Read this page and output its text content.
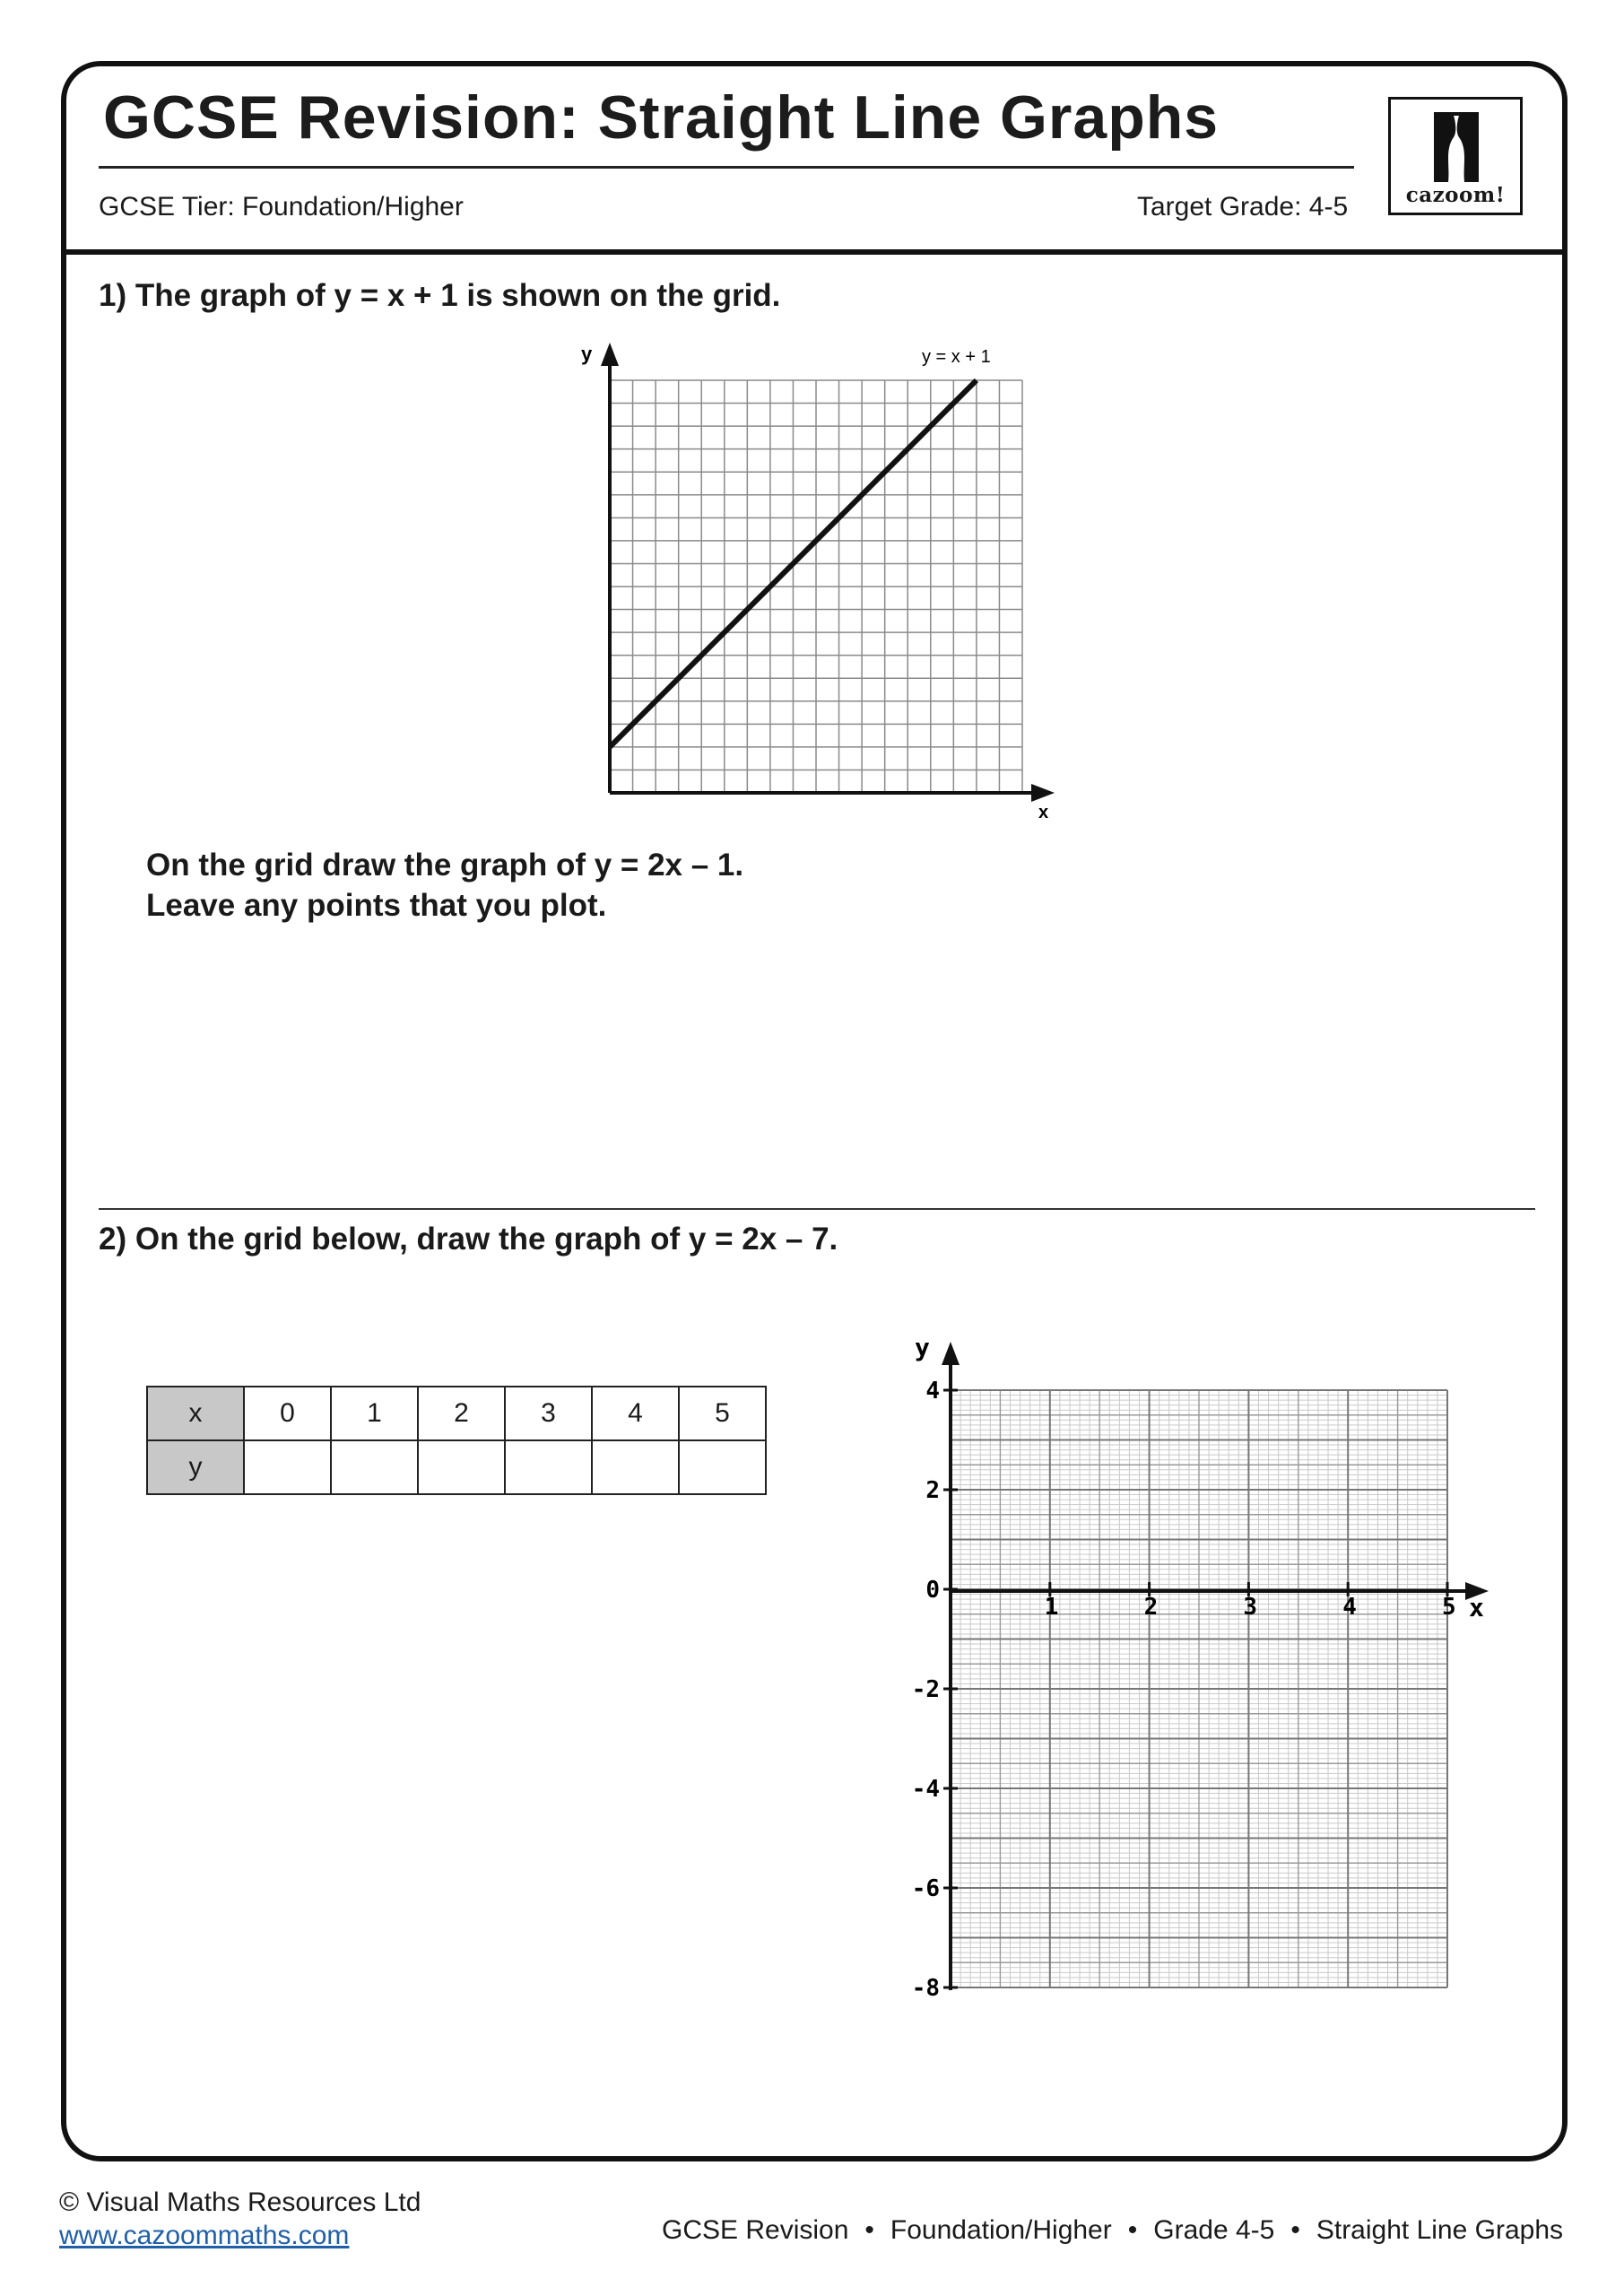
GCSE Revision: Straight Line Graphs
GCSE Tier: Foundation/Higher	Target Grade: 4-5	cazoom!
1) The graph of y = x + 1 is shown on the grid.
y
x
y = x + 1
On the grid draw the graph of y = 2x – 1.
Leave any points that you plot.
2) On the grid below, draw the graph of y = 2x – 7.
x	0	1	2	3	4	5
y						
y
x
1	2	3	4	5
4
2
0
-2
-4
-6
-8
© Visual Maths Resources Ltd
www.cazoommaths.com	GCSE Revision • Foundation/Higher • Grade 4-5 • Straight Line Graphs
